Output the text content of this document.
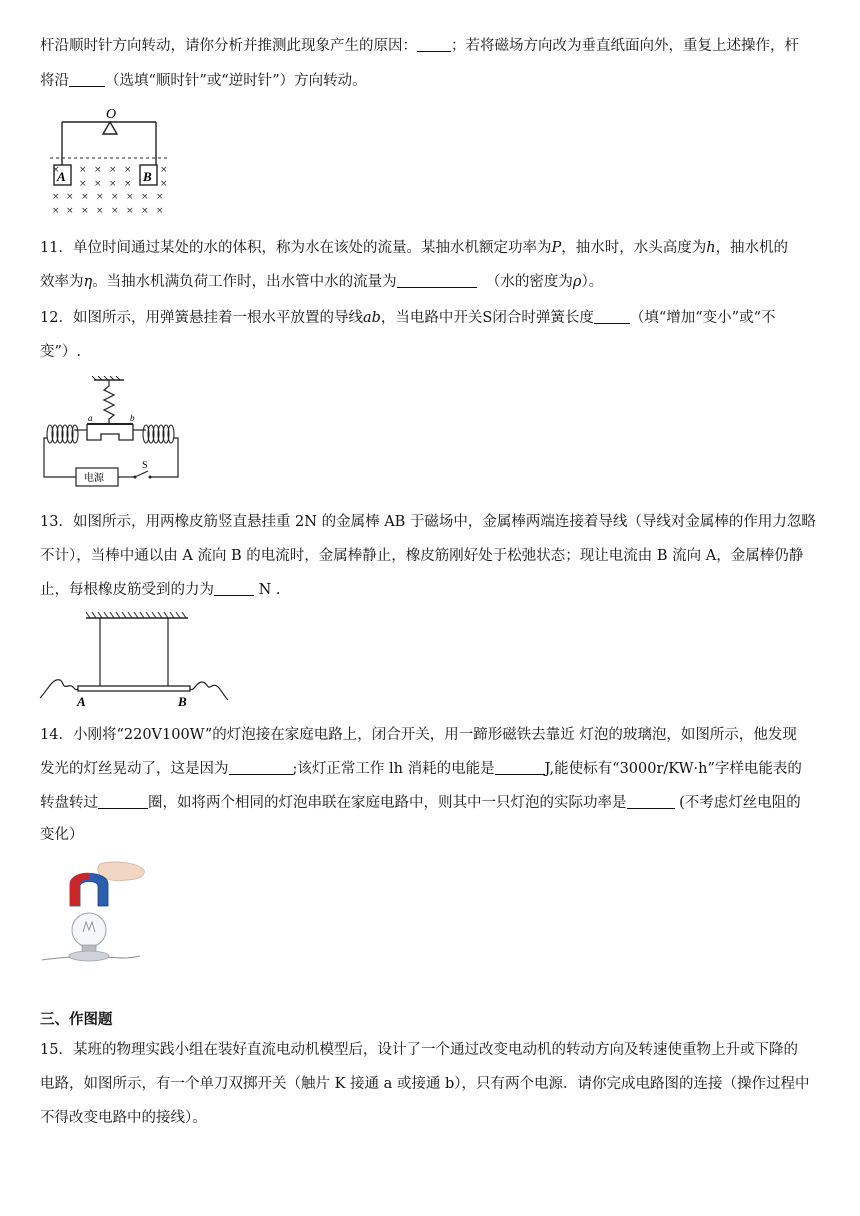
杆沿顺时针方向转动，请你分析并推测此现象产生的原因： ；若将磁场方向改为垂直纸面向外，重复上述操作，杆
将沿 （选填“顺时针”或“逆时针”）方向转动。
O
A	B
× × × × ×	×
× × × ×	×
× × × × × × × ×
× × × × × × × ×
11．单位时间通过某处的水的体积，称为水在该处的流量。某抽水机额定功率为P，抽水时，水头高度为h，抽水机的
效率为η。当抽水机满负荷工作时，出水管中水的流量为	（水的密度为ρ）。
12．如图所示，用弹簧悬挂着一根水平放置的导线ab，当电路中开关S闭合时弹簧长度 （填“增加“变小”或“不
变”）.
a	b
电源
S
13．如图所示，用两橡皮筋竖直悬挂重 2N 的金属棒 AB 于磁场中，金属棒两端连接着导线（导线对金属棒的作用力忽略
不计），当棒中通以由 A 流向 B 的电流时，金属棒静止，橡皮筋刚好处于松弛状态；现让电流由 B 流向 A，金属棒仍静
止，每根橡皮筋受到的力为	N .
A	B
14．小刚将“220V100W”的灯泡接在家庭电路上，闭合开关，用一蹄形磁铁去靠近 灯泡的玻璃泡，如图所示，他发现
发光的灯丝晃动了，这是因为	;该灯正常工作 lh 消耗的电能是	J,能使标有“3000r/KW·h”字样电能表的
转盘转过	圈，如将两个相同的灯泡串联在家庭电路中，则其中一只灯泡的实际功率是	(不考虑灯丝电阻的
变化）
三、作图题
15．某班的物理实践小组在装好直流电动机模型后，设计了一个通过改变电动机的转动方向及转速使重物上升或下降的
电路，如图所示，有一个单刀双掷开关（触片 K 接通 a 或接通 b），只有两个电源．请你完成电路图的连接（操作过程中
不得改变电路中的接线）。
